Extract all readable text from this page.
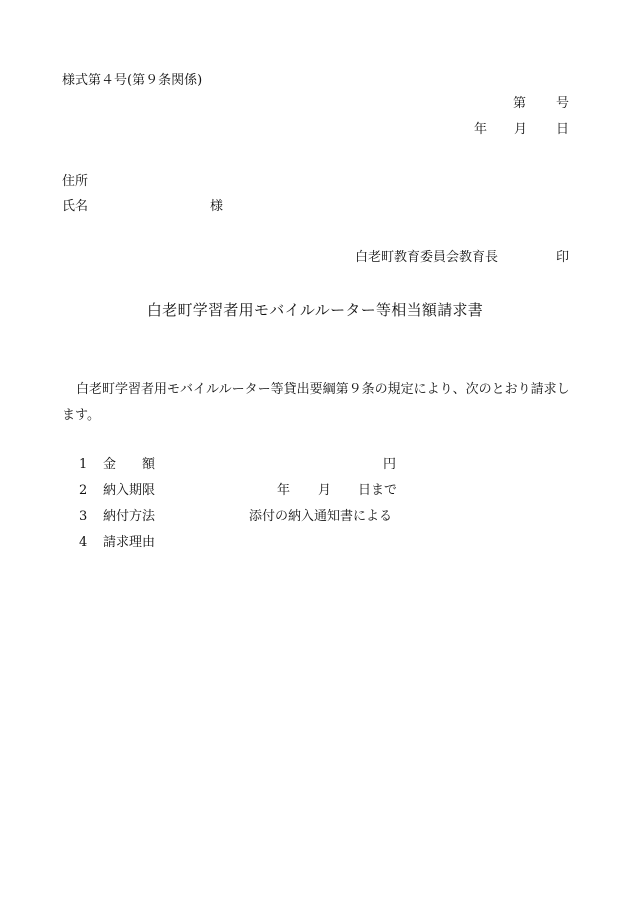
様式第４号(第９条関係)
第 号
年 月 日
住所
氏名	様
白老町教育委員会教育長	印
白老町学習者用モバイルルーター等相当額請求書
白老町学習者用モバイルルーター等貸出要綱第９条の規定により、次のとおり請求します。
1 金　　額	円
2 納入期限	年 月 日まで
3 納付方法	添付の納入通知書による
4 請求理由
